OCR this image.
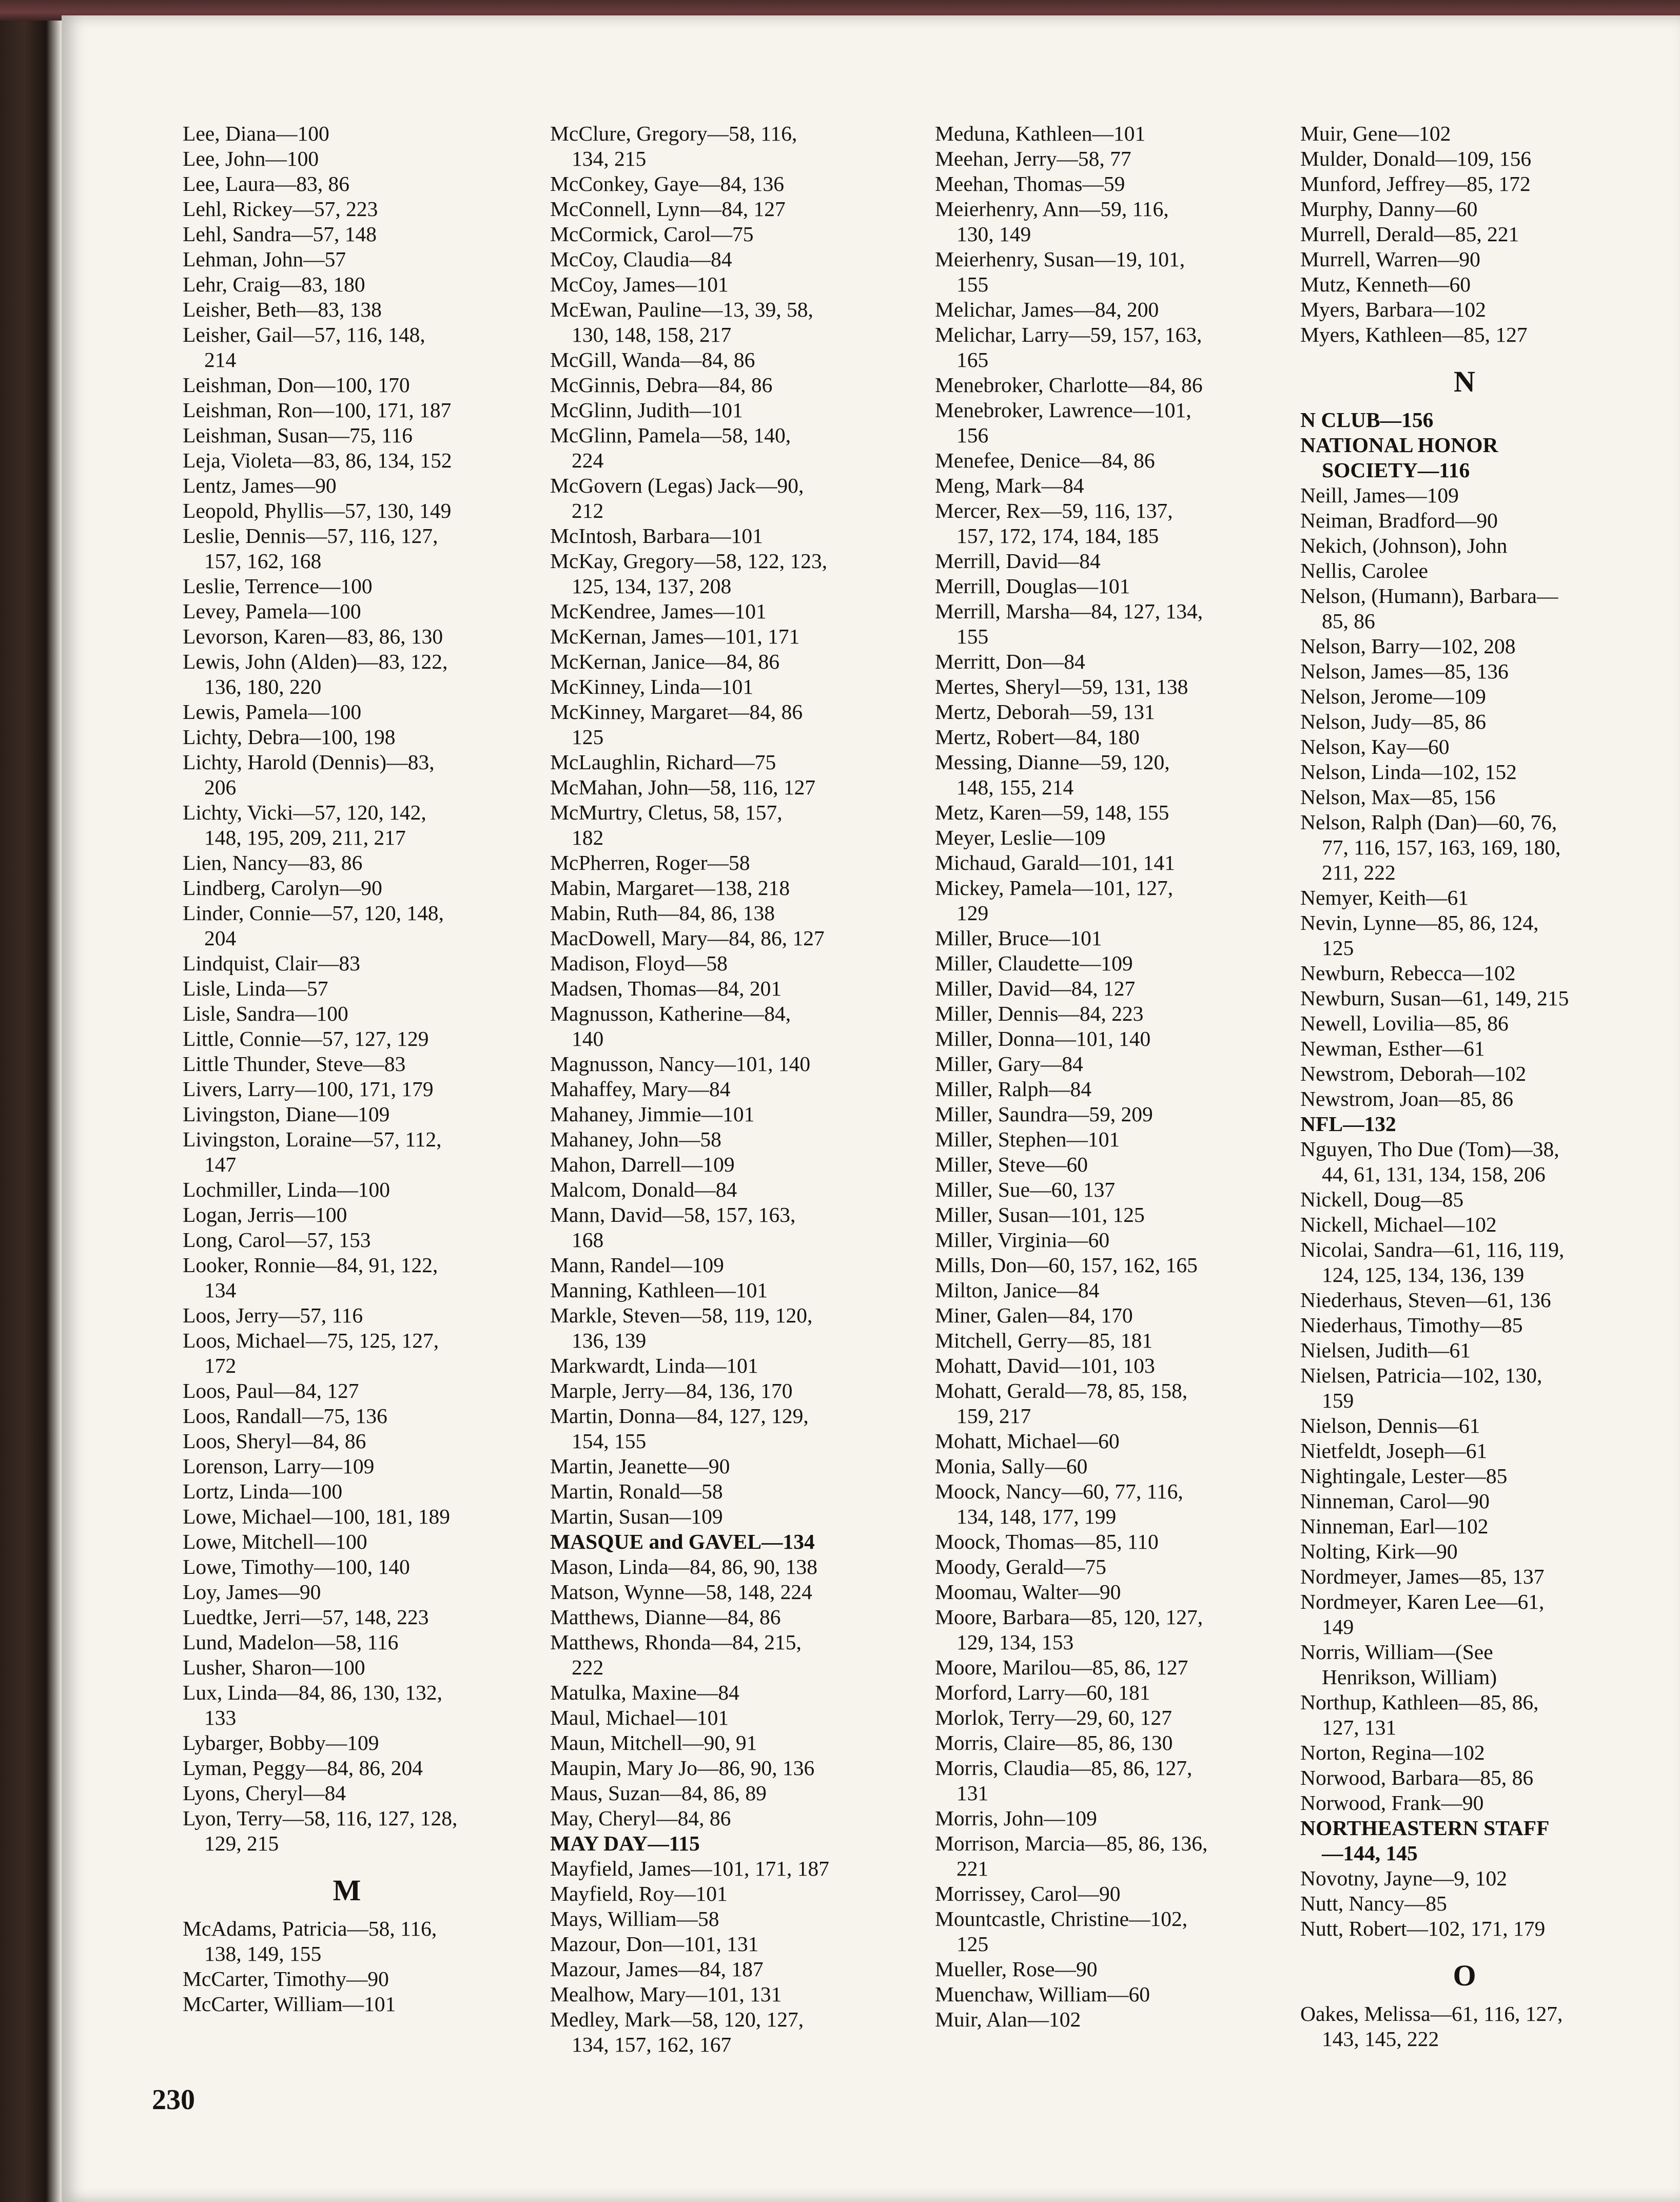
Lee, Diana—100
Lee, John—100
Lee, Laura—83, 86
Lehl, Rickey—57, 223
Lehl, Sandra—57, 148
Lehman, John—57
Lehr, Craig—83, 180
Leisher, Beth—83, 138
Leisher, Gail—57, 116, 148,
214
Leishman, Don—100, 170
Leishman, Ron—100, 171, 187
Leishman, Susan—75, 116
Leja, Violeta—83, 86, 134, 152
Lentz, James—90
Leopold, Phyllis—57, 130, 149
Leslie, Dennis—57, 116, 127,
157, 162, 168
Leslie, Terrence—100
Levey, Pamela—100
Levorson, Karen—83, 86, 130
Lewis, John (Alden)—83, 122,
136, 180, 220
Lewis, Pamela—100
Lichty, Debra—100, 198
Lichty, Harold (Dennis)—83,
206
Lichty, Vicki—57, 120, 142,
148, 195, 209, 211, 217
Lien, Nancy—83, 86
Lindberg, Carolyn—90
Linder, Connie—57, 120, 148,
204
Lindquist, Clair—83
Lisle, Linda—57
Lisle, Sandra—100
Little, Connie—57, 127, 129
Little Thunder, Steve—83
Livers, Larry—100, 171, 179
Livingston, Diane—109
Livingston, Loraine—57, 112,
147
Lochmiller, Linda—100
Logan, Jerris—100
Long, Carol—57, 153
Looker, Ronnie—84, 91, 122,
134
Loos, Jerry—57, 116
Loos, Michael—75, 125, 127,
172
Loos, Paul—84, 127
Loos, Randall—75, 136
Loos, Sheryl—84, 86
Lorenson, Larry—109
Lortz, Linda—100
Lowe, Michael—100, 181, 189
Lowe, Mitchell—100
Lowe, Timothy—100, 140
Loy, James—90
Luedtke, Jerri—57, 148, 223
Lund, Madelon—58, 116
Lusher, Sharon—100
Lux, Linda—84, 86, 130, 132,
133
Lybarger, Bobby—109
Lyman, Peggy—84, 86, 204
Lyons, Cheryl—84
Lyon, Terry—58, 116, 127, 128,
129, 215
M
McAdams, Patricia—58, 116,
138, 149, 155
McCarter, Timothy—90
McCarter, William—101
McClure, Gregory—58, 116,
134, 215
McConkey, Gaye—84, 136
McConnell, Lynn—84, 127
McCormick, Carol—75
McCoy, Claudia—84
McCoy, James—101
McEwan, Pauline—13, 39, 58,
130, 148, 158, 217
McGill, Wanda—84, 86
McGinnis, Debra—84, 86
McGlinn, Judith—101
McGlinn, Pamela—58, 140,
224
McGovern (Legas) Jack—90,
212
McIntosh, Barbara—101
McKay, Gregory—58, 122, 123,
125, 134, 137, 208
McKendree, James—101
McKernan, James—101, 171
McKernan, Janice—84, 86
McKinney, Linda—101
McKinney, Margaret—84, 86
125
McLaughlin, Richard—75
McMahan, John—58, 116, 127
McMurtry, Cletus, 58, 157,
182
McPherren, Roger—58
Mabin, Margaret—138, 218
Mabin, Ruth—84, 86, 138
MacDowell, Mary—84, 86, 127
Madison, Floyd—58
Madsen, Thomas—84, 201
Magnusson, Katherine—84,
140
Magnusson, Nancy—101, 140
Mahaffey, Mary—84
Mahaney, Jimmie—101
Mahaney, John—58
Mahon, Darrell—109
Malcom, Donald—84
Mann, David—58, 157, 163,
168
Mann, Randel—109
Manning, Kathleen—101
Markle, Steven—58, 119, 120,
136, 139
Markwardt, Linda—101
Marple, Jerry—84, 136, 170
Martin, Donna—84, 127, 129,
154, 155
Martin, Jeanette—90
Martin, Ronald—58
Martin, Susan—109
MASQUE and GAVEL—134
Mason, Linda—84, 86, 90, 138
Matson, Wynne—58, 148, 224
Matthews, Dianne—84, 86
Matthews, Rhonda—84, 215,
222
Matulka, Maxine—84
Maul, Michael—101
Maun, Mitchell—90, 91
Maupin, Mary Jo—86, 90, 136
Maus, Suzan—84, 86, 89
May, Cheryl—84, 86
MAY DAY—115
Mayfield, James—101, 171, 187
Mayfield, Roy—101
Mays, William—58
Mazour, Don—101, 131
Mazour, James—84, 187
Mealhow, Mary—101, 131
Medley, Mark—58, 120, 127,
134, 157, 162, 167
Meduna, Kathleen—101
Meehan, Jerry—58, 77
Meehan, Thomas—59
Meierhenry, Ann—59, 116,
130, 149
Meierhenry, Susan—19, 101,
155
Melichar, James—84, 200
Melichar, Larry—59, 157, 163,
165
Menebroker, Charlotte—84, 86
Menebroker, Lawrence—101,
156
Menefee, Denice—84, 86
Meng, Mark—84
Mercer, Rex—59, 116, 137,
157, 172, 174, 184, 185
Merrill, David—84
Merrill, Douglas—101
Merrill, Marsha—84, 127, 134,
155
Merritt, Don—84
Mertes, Sheryl—59, 131, 138
Mertz, Deborah—59, 131
Mertz, Robert—84, 180
Messing, Dianne—59, 120,
148, 155, 214
Metz, Karen—59, 148, 155
Meyer, Leslie—109
Michaud, Garald—101, 141
Mickey, Pamela—101, 127,
129
Miller, Bruce—101
Miller, Claudette—109
Miller, David—84, 127
Miller, Dennis—84, 223
Miller, Donna—101, 140
Miller, Gary—84
Miller, Ralph—84
Miller, Saundra—59, 209
Miller, Stephen—101
Miller, Steve—60
Miller, Sue—60, 137
Miller, Susan—101, 125
Miller, Virginia—60
Mills, Don—60, 157, 162, 165
Milton, Janice—84
Miner, Galen—84, 170
Mitchell, Gerry—85, 181
Mohatt, David—101, 103
Mohatt, Gerald—78, 85, 158,
159, 217
Mohatt, Michael—60
Monia, Sally—60
Moock, Nancy—60, 77, 116,
134, 148, 177, 199
Moock, Thomas—85, 110
Moody, Gerald—75
Moomau, Walter—90
Moore, Barbara—85, 120, 127,
129, 134, 153
Moore, Marilou—85, 86, 127
Morford, Larry—60, 181
Morlok, Terry—29, 60, 127
Morris, Claire—85, 86, 130
Morris, Claudia—85, 86, 127,
131
Morris, John—109
Morrison, Marcia—85, 86, 136,
221
Morrissey, Carol—90
Mountcastle, Christine—102,
125
Mueller, Rose—90
Muenchaw, William—60
Muir, Alan—102
Muir, Gene—102
Mulder, Donald—109, 156
Munford, Jeffrey—85, 172
Murphy, Danny—60
Murrell, Derald—85, 221
Murrell, Warren—90
Mutz, Kenneth—60
Myers, Barbara—102
Myers, Kathleen—85, 127
N
N CLUB—156
NATIONAL HONOR
SOCIETY—116
Neill, James—109
Neiman, Bradford—90
Nekich, (Johnson), John
Nellis, Carolee
Nelson, (Humann), Barbara—
85, 86
Nelson, Barry—102, 208
Nelson, James—85, 136
Nelson, Jerome—109
Nelson, Judy—85, 86
Nelson, Kay—60
Nelson, Linda—102, 152
Nelson, Max—85, 156
Nelson, Ralph (Dan)—60, 76,
77, 116, 157, 163, 169, 180,
211, 222
Nemyer, Keith—61
Nevin, Lynne—85, 86, 124,
125
Newburn, Rebecca—102
Newburn, Susan—61, 149, 215
Newell, Lovilia—85, 86
Newman, Esther—61
Newstrom, Deborah—102
Newstrom, Joan—85, 86
NFL—132
Nguyen, Tho Due (Tom)—38,
44, 61, 131, 134, 158, 206
Nickell, Doug—85
Nickell, Michael—102
Nicolai, Sandra—61, 116, 119,
124, 125, 134, 136, 139
Niederhaus, Steven—61, 136
Niederhaus, Timothy—85
Nielsen, Judith—61
Nielsen, Patricia—102, 130,
159
Nielson, Dennis—61
Nietfeldt, Joseph—61
Nightingale, Lester—85
Ninneman, Carol—90
Ninneman, Earl—102
Nolting, Kirk—90
Nordmeyer, James—85, 137
Nordmeyer, Karen Lee—61,
149
Norris, William—(See
Henrikson, William)
Northup, Kathleen—85, 86,
127, 131
Norton, Regina—102
Norwood, Barbara—85, 86
Norwood, Frank—90
NORTHEASTERN STAFF
—144, 145
Novotny, Jayne—9, 102
Nutt, Nancy—85
Nutt, Robert—102, 171, 179
O
Oakes, Melissa—61, 116, 127,
143, 145, 222
230
